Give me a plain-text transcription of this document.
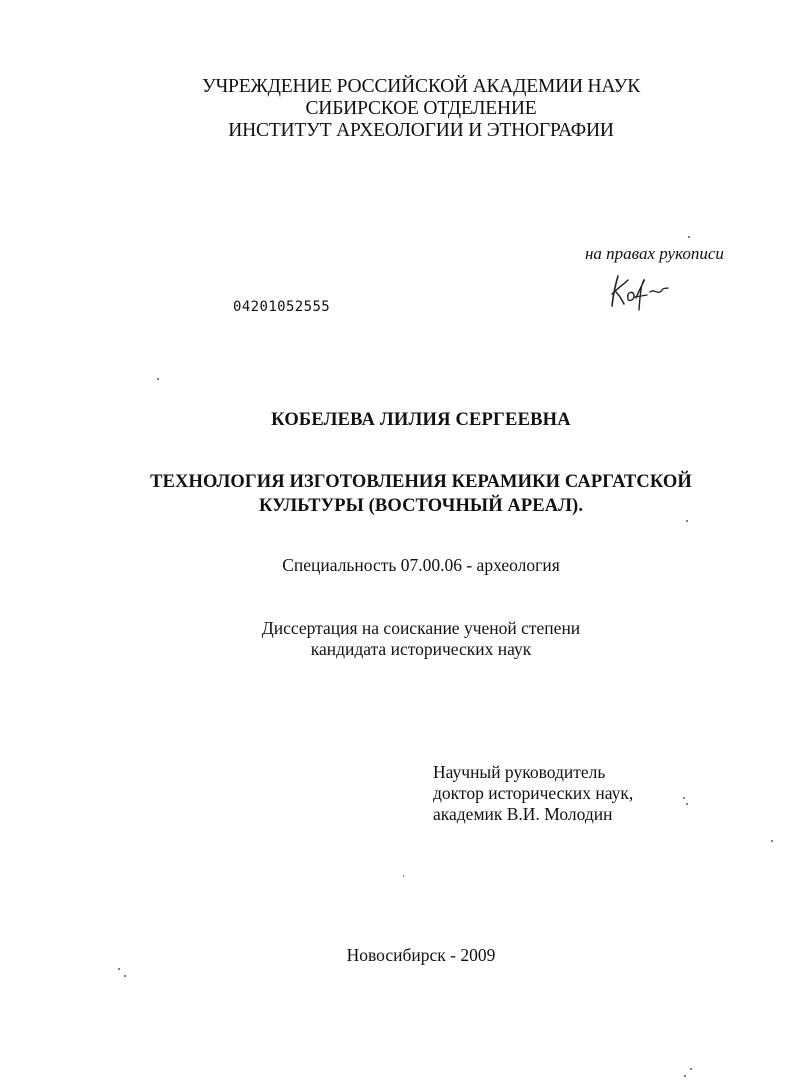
УЧРЕЖДЕНИЕ РОССИЙСКОЙ АКАДЕМИИ НАУК
СИБИРСКОЕ ОТДЕЛЕНИЕ
ИНСТИТУТ АРХЕОЛОГИИ И ЭТНОГРАФИИ
на правах рукописи
04201052555
КОБЕЛЕВА ЛИЛИЯ СЕРГЕЕВНА
ТЕХНОЛОГИЯ ИЗГОТОВЛЕНИЯ КЕРАМИКИ САРГАТСКОЙ
КУЛЬТУРЫ (ВОСТОЧНЫЙ АРЕАЛ).
Специальность 07.00.06 - археология
Диссертация на соискание ученой степени
кандидата исторических наук
Научный руководитель
доктор исторических наук,
академик В.И. Молодин
Новосибирск - 2009
